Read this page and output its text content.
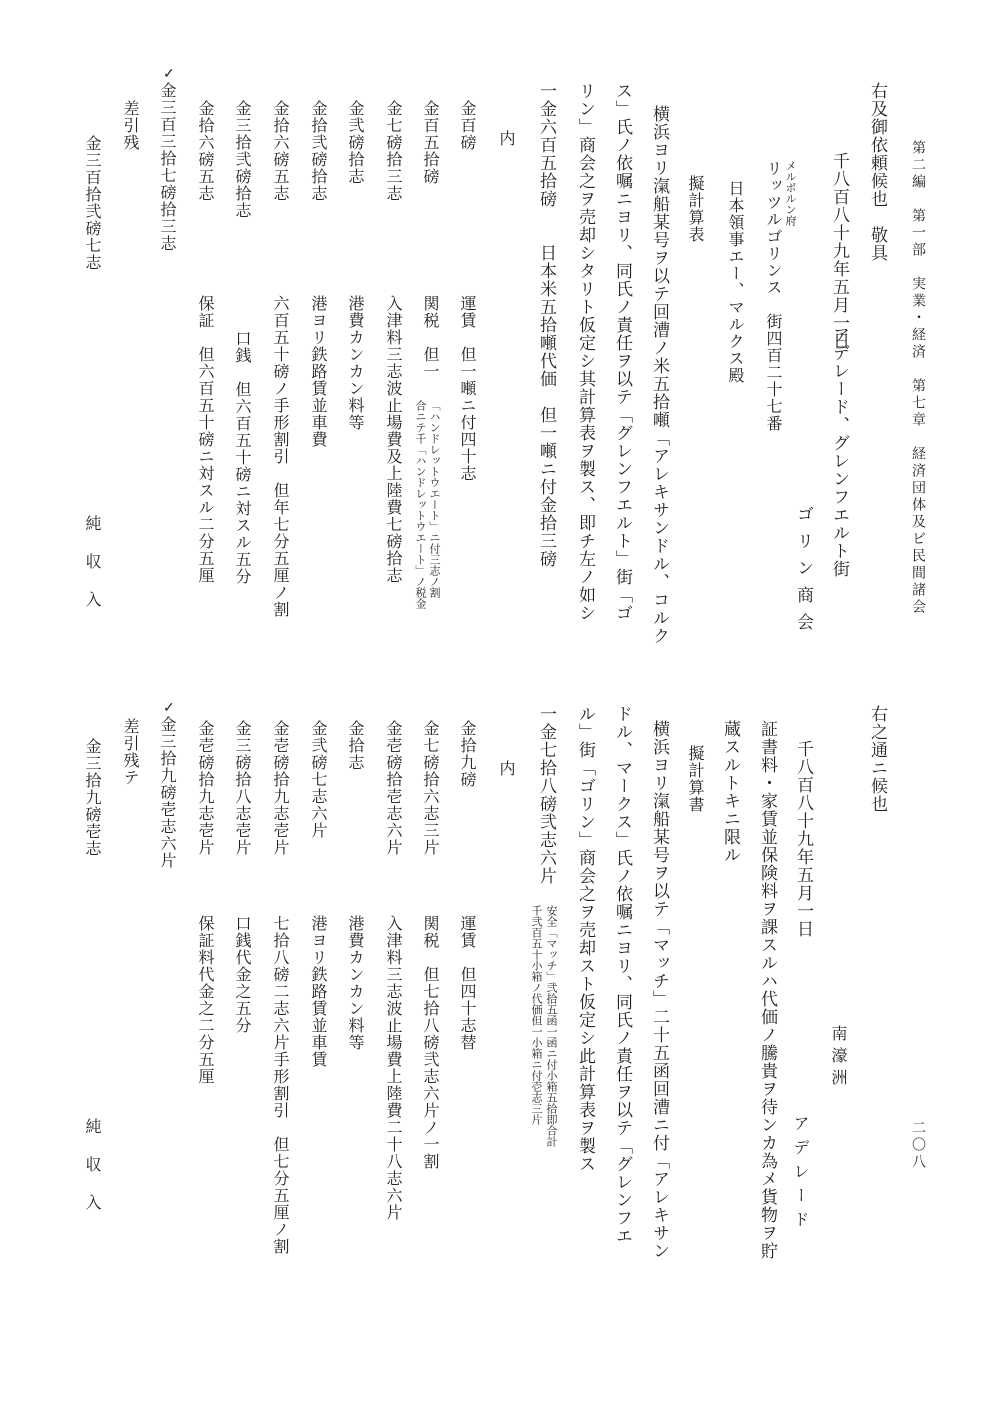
第二編　第一部　実業・経済　第七章　経済団体及ビ民間諸会
二〇八
右及御依頼候也　敬具
千八百八十九年五月一日
アデレード、グレンフエルト街
ゴリン商会
メルボルン府
リッツルゴリンス　街四百二十七番
日本領事エー、マルクス殿
擬計算表
横浜ヨリ滊船某号ヲ以テ回漕ノ米五拾噸「アレキサンドル、コルク
ス」氏ノ依嘱ニヨリ、同氏ノ責任ヲ以テ「グレンフエルト」街「ゴ
リン」商会之ヲ売却シタリト仮定シ其計算表ヲ製ス、即チ左ノ如シ
一金六百五拾磅　　日本米五拾噸代価　但一噸ニ付金拾三磅
内
金百磅
運賃　但一噸ニ付四十志
金百五拾磅
関税　但一
「ハンドレットウエート」ニ付三志ノ割
合ニテ千「ハンドレットウエート」ノ税金
金七磅拾三志
入津料三志波止場費及上陸費七磅拾志
金弐磅拾志
港費カンカン料等
金拾弐磅拾志
港ヨリ鉄路賃並車費
金拾六磅五志
六百五十磅ノ手形割引　但年七分五厘ノ割
金三拾弐磅拾志
口銭　但六百五十磅ニ対スル五分
金拾六磅五志
保証　但六百五十磅ニ対スル二分五厘
✓
金三百三拾七磅拾三志
差引残
金三百拾弐磅七志
純収入
右之通ニ候也
南濠洲
アデレード
千八百八十九年五月一日
証書料・家賃並保険料ヲ課スルハ代価ノ騰貴ヲ待ンカ為メ貨物ヲ貯
蔵スルトキニ限ル
擬計算書
横浜ヨリ滊船某号ヲ以テ「マッチ」二十五函回漕ニ付「アレキサン
ドル、マークス」氏ノ依嘱ニヨリ、同氏ノ責任ヲ以テ「グレンフエ
ル」街「ゴリン」商会之ヲ売却スト仮定シ此計算表ヲ製ス
一金七拾八磅弐志六片
安全「マッチ」弐拾五函一函ニ付小箱五拾即合計
千弐百五十小箱ノ代価但一小箱ニ付壱志三片
内
金拾九磅
運賃　但四十志替
金七磅拾六志三片
関税　但七拾八磅弐志六片ノ一割
金壱磅拾壱志六片
入津料三志波止場費上陸費二十八志六片
金拾志
港費カンカン料等
金弐磅七志六片
港ヨリ鉄路賃並車賃
金壱磅拾九志壱片
七拾八磅二志六片手形割引　但七分五厘ノ割
金三磅拾八志壱片
口銭代金之五分
金壱磅拾九志壱片
保証料代金之二分五厘
✓
金三拾九磅壱志六片
差引残テ
金三拾九磅壱志
純収入
